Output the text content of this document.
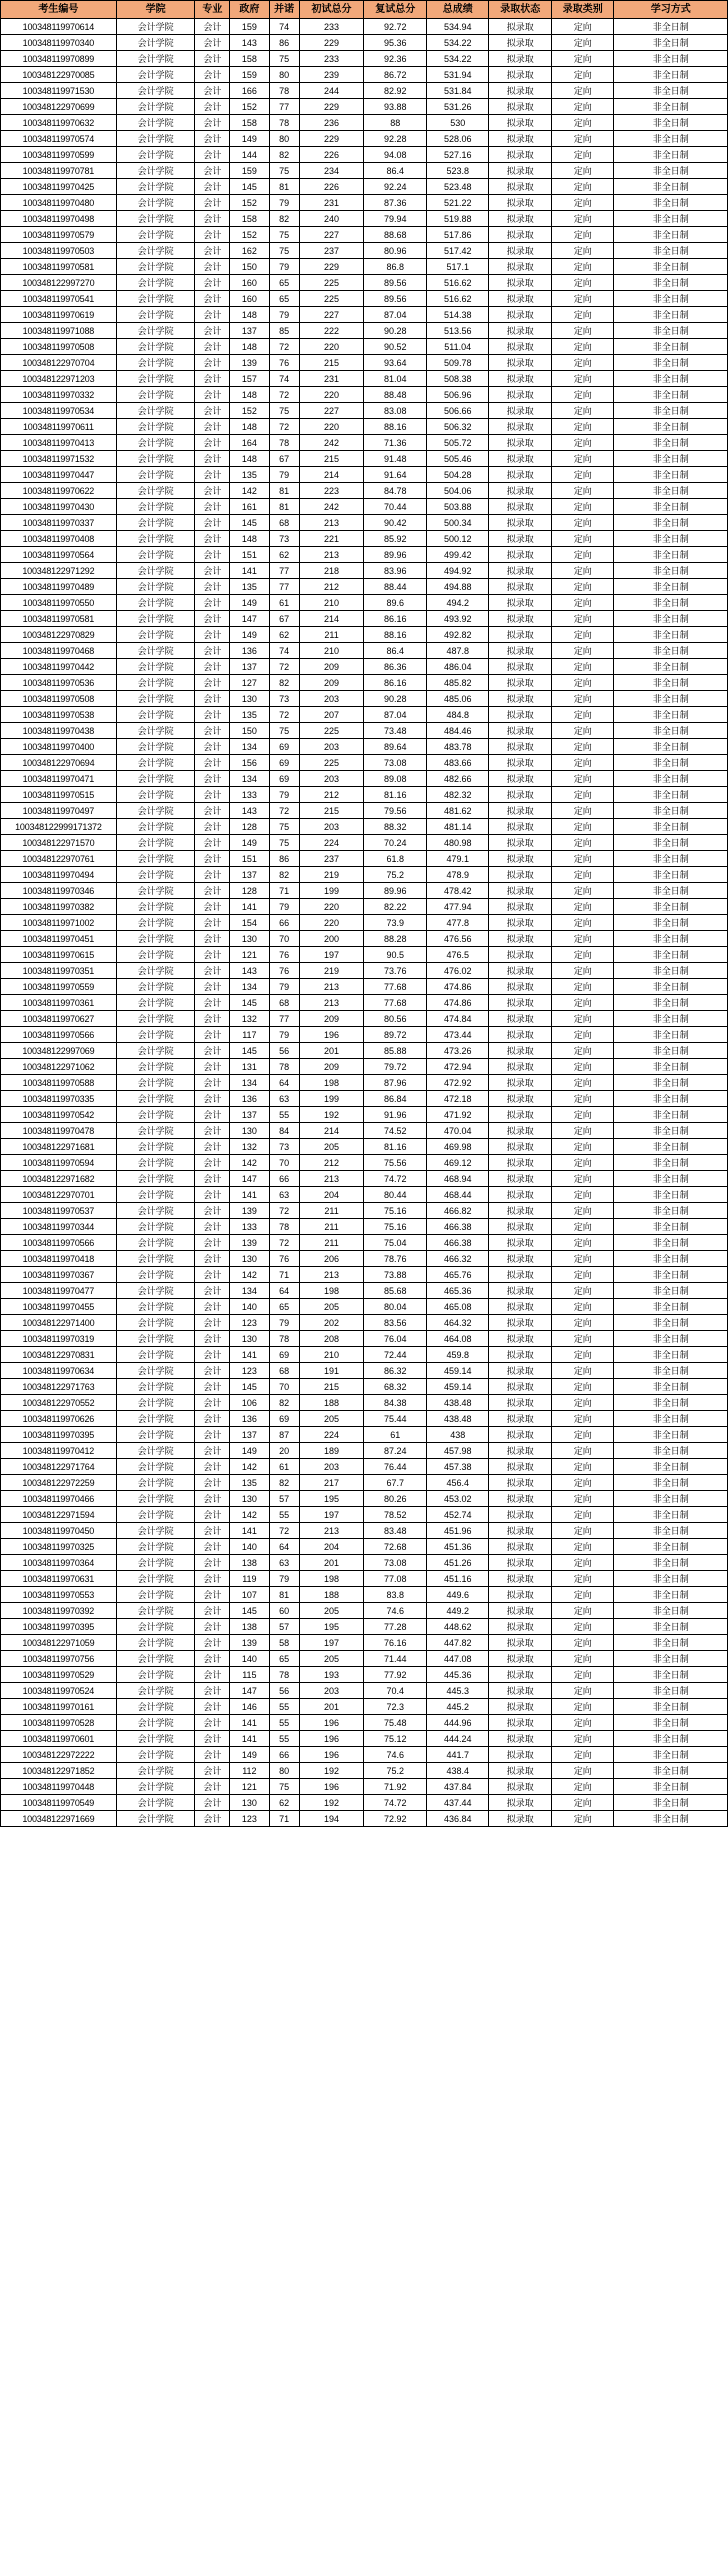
考生编号	学院	专业	政府	并诺	初试总分	复试总分	总成绩	录取状态	录取类别	学习方式
100348119970614	会计学院	会计	159	74	233	92.72	534.94	拟录取	定向	非全日制
100348119970340	会计学院	会计	143	86	229	95.36	534.22	拟录取	定向	非全日制
100348119970899	会计学院	会计	158	75	233	92.36	534.22	拟录取	定向	非全日制
100348122970085	会计学院	会计	159	80	239	86.72	531.94	拟录取	定向	非全日制
100348119971530	会计学院	会计	166	78	244	82.92	531.84	拟录取	定向	非全日制
100348122970699	会计学院	会计	152	77	229	93.88	531.26	拟录取	定向	非全日制
100348119970632	会计学院	会计	158	78	236	88	530	拟录取	定向	非全日制
100348119970574	会计学院	会计	149	80	229	92.28	528.06	拟录取	定向	非全日制
100348119970599	会计学院	会计	144	82	226	94.08	527.16	拟录取	定向	非全日制
100348119970781	会计学院	会计	159	75	234	86.4	523.8	拟录取	定向	非全日制
100348119970425	会计学院	会计	145	81	226	92.24	523.48	拟录取	定向	非全日制
100348119970480	会计学院	会计	152	79	231	87.36	521.22	拟录取	定向	非全日制
100348119970498	会计学院	会计	158	82	240	79.94	519.88	拟录取	定向	非全日制
100348119970579	会计学院	会计	152	75	227	88.68	517.86	拟录取	定向	非全日制
100348119970503	会计学院	会计	162	75	237	80.96	517.42	拟录取	定向	非全日制
100348119970581	会计学院	会计	150	79	229	86.8	517.1	拟录取	定向	非全日制
100348122997270	会计学院	会计	160	65	225	89.56	516.62	拟录取	定向	非全日制
100348119970541	会计学院	会计	160	65	225	89.56	516.62	拟录取	定向	非全日制
100348119970619	会计学院	会计	148	79	227	87.04	514.38	拟录取	定向	非全日制
100348119971088	会计学院	会计	137	85	222	90.28	513.56	拟录取	定向	非全日制
100348119970508	会计学院	会计	148	72	220	90.52	511.04	拟录取	定向	非全日制
100348122970704	会计学院	会计	139	76	215	93.64	509.78	拟录取	定向	非全日制
100348122971203	会计学院	会计	157	74	231	81.04	508.38	拟录取	定向	非全日制
100348119970332	会计学院	会计	148	72	220	88.48	506.96	拟录取	定向	非全日制
100348119970534	会计学院	会计	152	75	227	83.08	506.66	拟录取	定向	非全日制
100348119970611	会计学院	会计	148	72	220	88.16	506.32	拟录取	定向	非全日制
100348119970413	会计学院	会计	164	78	242	71.36	505.72	拟录取	定向	非全日制
100348119971532	会计学院	会计	148	67	215	91.48	505.46	拟录取	定向	非全日制
100348119970447	会计学院	会计	135	79	214	91.64	504.28	拟录取	定向	非全日制
100348119970622	会计学院	会计	142	81	223	84.78	504.06	拟录取	定向	非全日制
100348119970430	会计学院	会计	161	81	242	70.44	503.88	拟录取	定向	非全日制
100348119970337	会计学院	会计	145	68	213	90.42	500.34	拟录取	定向	非全日制
100348119970408	会计学院	会计	148	73	221	85.92	500.12	拟录取	定向	非全日制
100348119970564	会计学院	会计	151	62	213	89.96	499.42	拟录取	定向	非全日制
100348122971292	会计学院	会计	141	77	218	83.96	494.92	拟录取	定向	非全日制
100348119970489	会计学院	会计	135	77	212	88.44	494.88	拟录取	定向	非全日制
100348119970550	会计学院	会计	149	61	210	89.6	494.2	拟录取	定向	非全日制
100348119970581	会计学院	会计	147	67	214	86.16	493.92	拟录取	定向	非全日制
100348122970829	会计学院	会计	149	62	211	88.16	492.82	拟录取	定向	非全日制
100348119970468	会计学院	会计	136	74	210	86.4	487.8	拟录取	定向	非全日制
100348119970442	会计学院	会计	137	72	209	86.36	486.04	拟录取	定向	非全日制
100348119970536	会计学院	会计	127	82	209	86.16	485.82	拟录取	定向	非全日制
100348119970508	会计学院	会计	130	73	203	90.28	485.06	拟录取	定向	非全日制
100348119970538	会计学院	会计	135	72	207	87.04	484.8	拟录取	定向	非全日制
100348119970438	会计学院	会计	150	75	225	73.48	484.46	拟录取	定向	非全日制
100348119970400	会计学院	会计	134	69	203	89.64	483.78	拟录取	定向	非全日制
100348122970694	会计学院	会计	156	69	225	73.08	483.66	拟录取	定向	非全日制
100348119970471	会计学院	会计	134	69	203	89.08	482.66	拟录取	定向	非全日制
100348119970515	会计学院	会计	133	79	212	81.16	482.32	拟录取	定向	非全日制
100348119970497	会计学院	会计	143	72	215	79.56	481.62	拟录取	定向	非全日制
100348122999171372	会计学院	会计	128	75	203	88.32	481.14	拟录取	定向	非全日制
100348122971570	会计学院	会计	149	75	224	70.24	480.98	拟录取	定向	非全日制
100348122970761	会计学院	会计	151	86	237	61.8	479.1	拟录取	定向	非全日制
100348119970494	会计学院	会计	137	82	219	75.2	478.9	拟录取	定向	非全日制
100348119970346	会计学院	会计	128	71	199	89.96	478.42	拟录取	定向	非全日制
100348119970382	会计学院	会计	141	79	220	82.22	477.94	拟录取	定向	非全日制
100348119971002	会计学院	会计	154	66	220	73.9	477.8	拟录取	定向	非全日制
100348119970451	会计学院	会计	130	70	200	88.28	476.56	拟录取	定向	非全日制
100348119970615	会计学院	会计	121	76	197	90.5	476.5	拟录取	定向	非全日制
100348119970351	会计学院	会计	143	76	219	73.76	476.02	拟录取	定向	非全日制
100348119970559	会计学院	会计	134	79	213	77.68	474.86	拟录取	定向	非全日制
100348119970361	会计学院	会计	145	68	213	77.68	474.86	拟录取	定向	非全日制
100348119970627	会计学院	会计	132	77	209	80.56	474.84	拟录取	定向	非全日制
100348119970566	会计学院	会计	117	79	196	89.72	473.44	拟录取	定向	非全日制
100348122997069	会计学院	会计	145	56	201	85.88	473.26	拟录取	定向	非全日制
100348122971062	会计学院	会计	131	78	209	79.72	472.94	拟录取	定向	非全日制
100348119970588	会计学院	会计	134	64	198	87.96	472.92	拟录取	定向	非全日制
100348119970335	会计学院	会计	136	63	199	86.84	472.18	拟录取	定向	非全日制
100348119970542	会计学院	会计	137	55	192	91.96	471.92	拟录取	定向	非全日制
100348119970478	会计学院	会计	130	84	214	74.52	470.04	拟录取	定向	非全日制
100348122971681	会计学院	会计	132	73	205	81.16	469.98	拟录取	定向	非全日制
100348119970594	会计学院	会计	142	70	212	75.56	469.12	拟录取	定向	非全日制
100348122971682	会计学院	会计	147	66	213	74.72	468.94	拟录取	定向	非全日制
100348122970701	会计学院	会计	141	63	204	80.44	468.44	拟录取	定向	非全日制
100348119970537	会计学院	会计	139	72	211	75.16	466.82	拟录取	定向	非全日制
100348119970344	会计学院	会计	133	78	211	75.16	466.38	拟录取	定向	非全日制
100348119970566	会计学院	会计	139	72	211	75.04	466.38	拟录取	定向	非全日制
100348119970418	会计学院	会计	130	76	206	78.76	466.32	拟录取	定向	非全日制
100348119970367	会计学院	会计	142	71	213	73.88	465.76	拟录取	定向	非全日制
100348119970477	会计学院	会计	134	64	198	85.68	465.36	拟录取	定向	非全日制
100348119970455	会计学院	会计	140	65	205	80.04	465.08	拟录取	定向	非全日制
100348122971400	会计学院	会计	123	79	202	83.56	464.32	拟录取	定向	非全日制
100348119970319	会计学院	会计	130	78	208	76.04	464.08	拟录取	定向	非全日制
100348122970831	会计学院	会计	141	69	210	72.44	459.8	拟录取	定向	非全日制
100348119970634	会计学院	会计	123	68	191	86.32	459.14	拟录取	定向	非全日制
100348122971763	会计学院	会计	145	70	215	68.32	459.14	拟录取	定向	非全日制
100348122970552	会计学院	会计	106	82	188	84.38	438.48	拟录取	定向	非全日制
100348119970626	会计学院	会计	136	69	205	75.44	438.48	拟录取	定向	非全日制
100348119970395	会计学院	会计	137	87	224	61	438	拟录取	定向	非全日制
100348119970412	会计学院	会计	149	20	189	87.24	457.98	拟录取	定向	非全日制
100348122971764	会计学院	会计	142	61	203	76.44	457.38	拟录取	定向	非全日制
100348122972259	会计学院	会计	135	82	217	67.7	456.4	拟录取	定向	非全日制
100348119970466	会计学院	会计	130	57	195	80.26	453.02	拟录取	定向	非全日制
100348122971594	会计学院	会计	142	55	197	78.52	452.74	拟录取	定向	非全日制
100348119970450	会计学院	会计	141	72	213	83.48	451.96	拟录取	定向	非全日制
100348119970325	会计学院	会计	140	64	204	72.68	451.36	拟录取	定向	非全日制
100348119970364	会计学院	会计	138	63	201	73.08	451.26	拟录取	定向	非全日制
100348119970631	会计学院	会计	119	79	198	77.08	451.16	拟录取	定向	非全日制
100348119970553	会计学院	会计	107	81	188	83.8	449.6	拟录取	定向	非全日制
100348119970392	会计学院	会计	145	60	205	74.6	449.2	拟录取	定向	非全日制
100348119970395	会计学院	会计	138	57	195	77.28	448.62	拟录取	定向	非全日制
100348122971059	会计学院	会计	139	58	197	76.16	447.82	拟录取	定向	非全日制
100348119970756	会计学院	会计	140	65	205	71.44	447.08	拟录取	定向	非全日制
100348119970529	会计学院	会计	115	78	193	77.92	445.36	拟录取	定向	非全日制
100348119970524	会计学院	会计	147	56	203	70.4	445.3	拟录取	定向	非全日制
100348119970161	会计学院	会计	146	55	201	72.3	445.2	拟录取	定向	非全日制
100348119970528	会计学院	会计	141	55	196	75.48	444.96	拟录取	定向	非全日制
100348119970601	会计学院	会计	141	55	196	75.12	444.24	拟录取	定向	非全日制
100348122972222	会计学院	会计	149	66	196	74.6	441.7	拟录取	定向	非全日制
100348122971852	会计学院	会计	112	80	192	75.2	438.4	拟录取	定向	非全日制
100348119970448	会计学院	会计	121	75	196	71.92	437.84	拟录取	定向	非全日制
100348119970549	会计学院	会计	130	62	192	74.72	437.44	拟录取	定向	非全日制
100348122971669	会计学院	会计	123	71	194	72.92	436.84	拟录取	定向	非全日制
